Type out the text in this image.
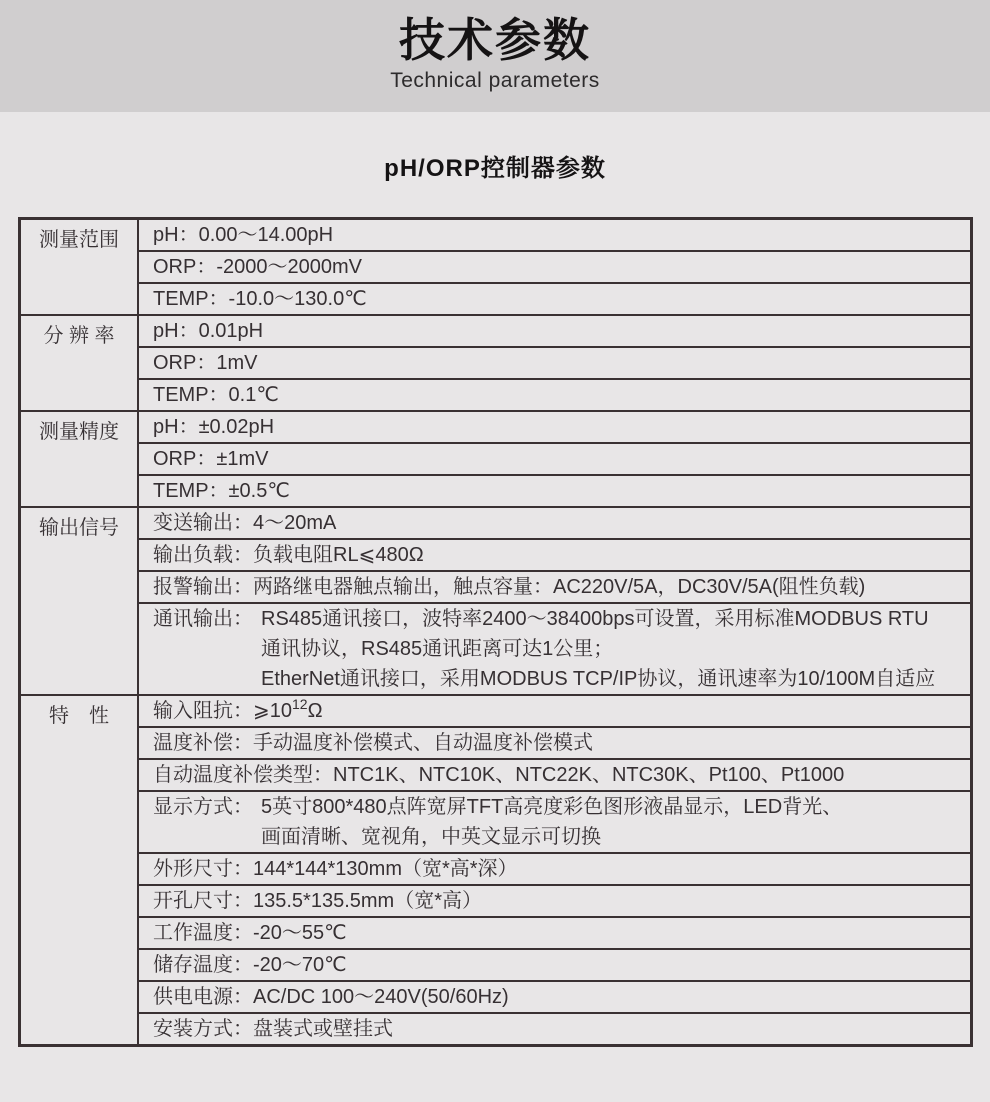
技术参数
Technical parameters
pH/ORP控制器参数
测量范围	pH：0.00～14.00pH
ORP：-2000～2000mV
TEMP：-10.0～130.0℃
分 辨 率	pH：0.01pH
ORP：1mV
TEMP：0.1℃
测量精度	pH：±0.02pH
ORP：±1mV
TEMP：±0.5℃
输出信号	变送输出：4～20mA
输出负载：负载电阻RL⩽480Ω
报警输出：两路继电器触点输出，触点容量：AC220V/5A，DC30V/5A(阻性负载)
通讯输出： RS485通讯接口，波特率2400～38400bps可设置，采用标准MODBUS RTU
通讯协议，RS485通讯距离可达1公里；
EtherNet通讯接口，采用MODBUS TCP/IP协议，通讯速率为10/100M自适应
特　性	输入阻抗：⩾1012Ω
温度补偿：手动温度补偿模式、自动温度补偿模式
自动温度补偿类型：NTC1K、NTC10K、NTC22K、NTC30K、Pt100、Pt1000
显示方式： 5英寸800*480点阵宽屏TFT高亮度彩色图形液晶显示，LED背光、
画面清晰、宽视角，中英文显示可切换
外形尺寸：144*144*130mm（宽*高*深）
开孔尺寸：135.5*135.5mm（宽*高）
工作温度：-20～55℃
储存温度：-20～70℃
供电电源：AC/DC 100～240V(50/60Hz)
安装方式：盘装式或壁挂式
